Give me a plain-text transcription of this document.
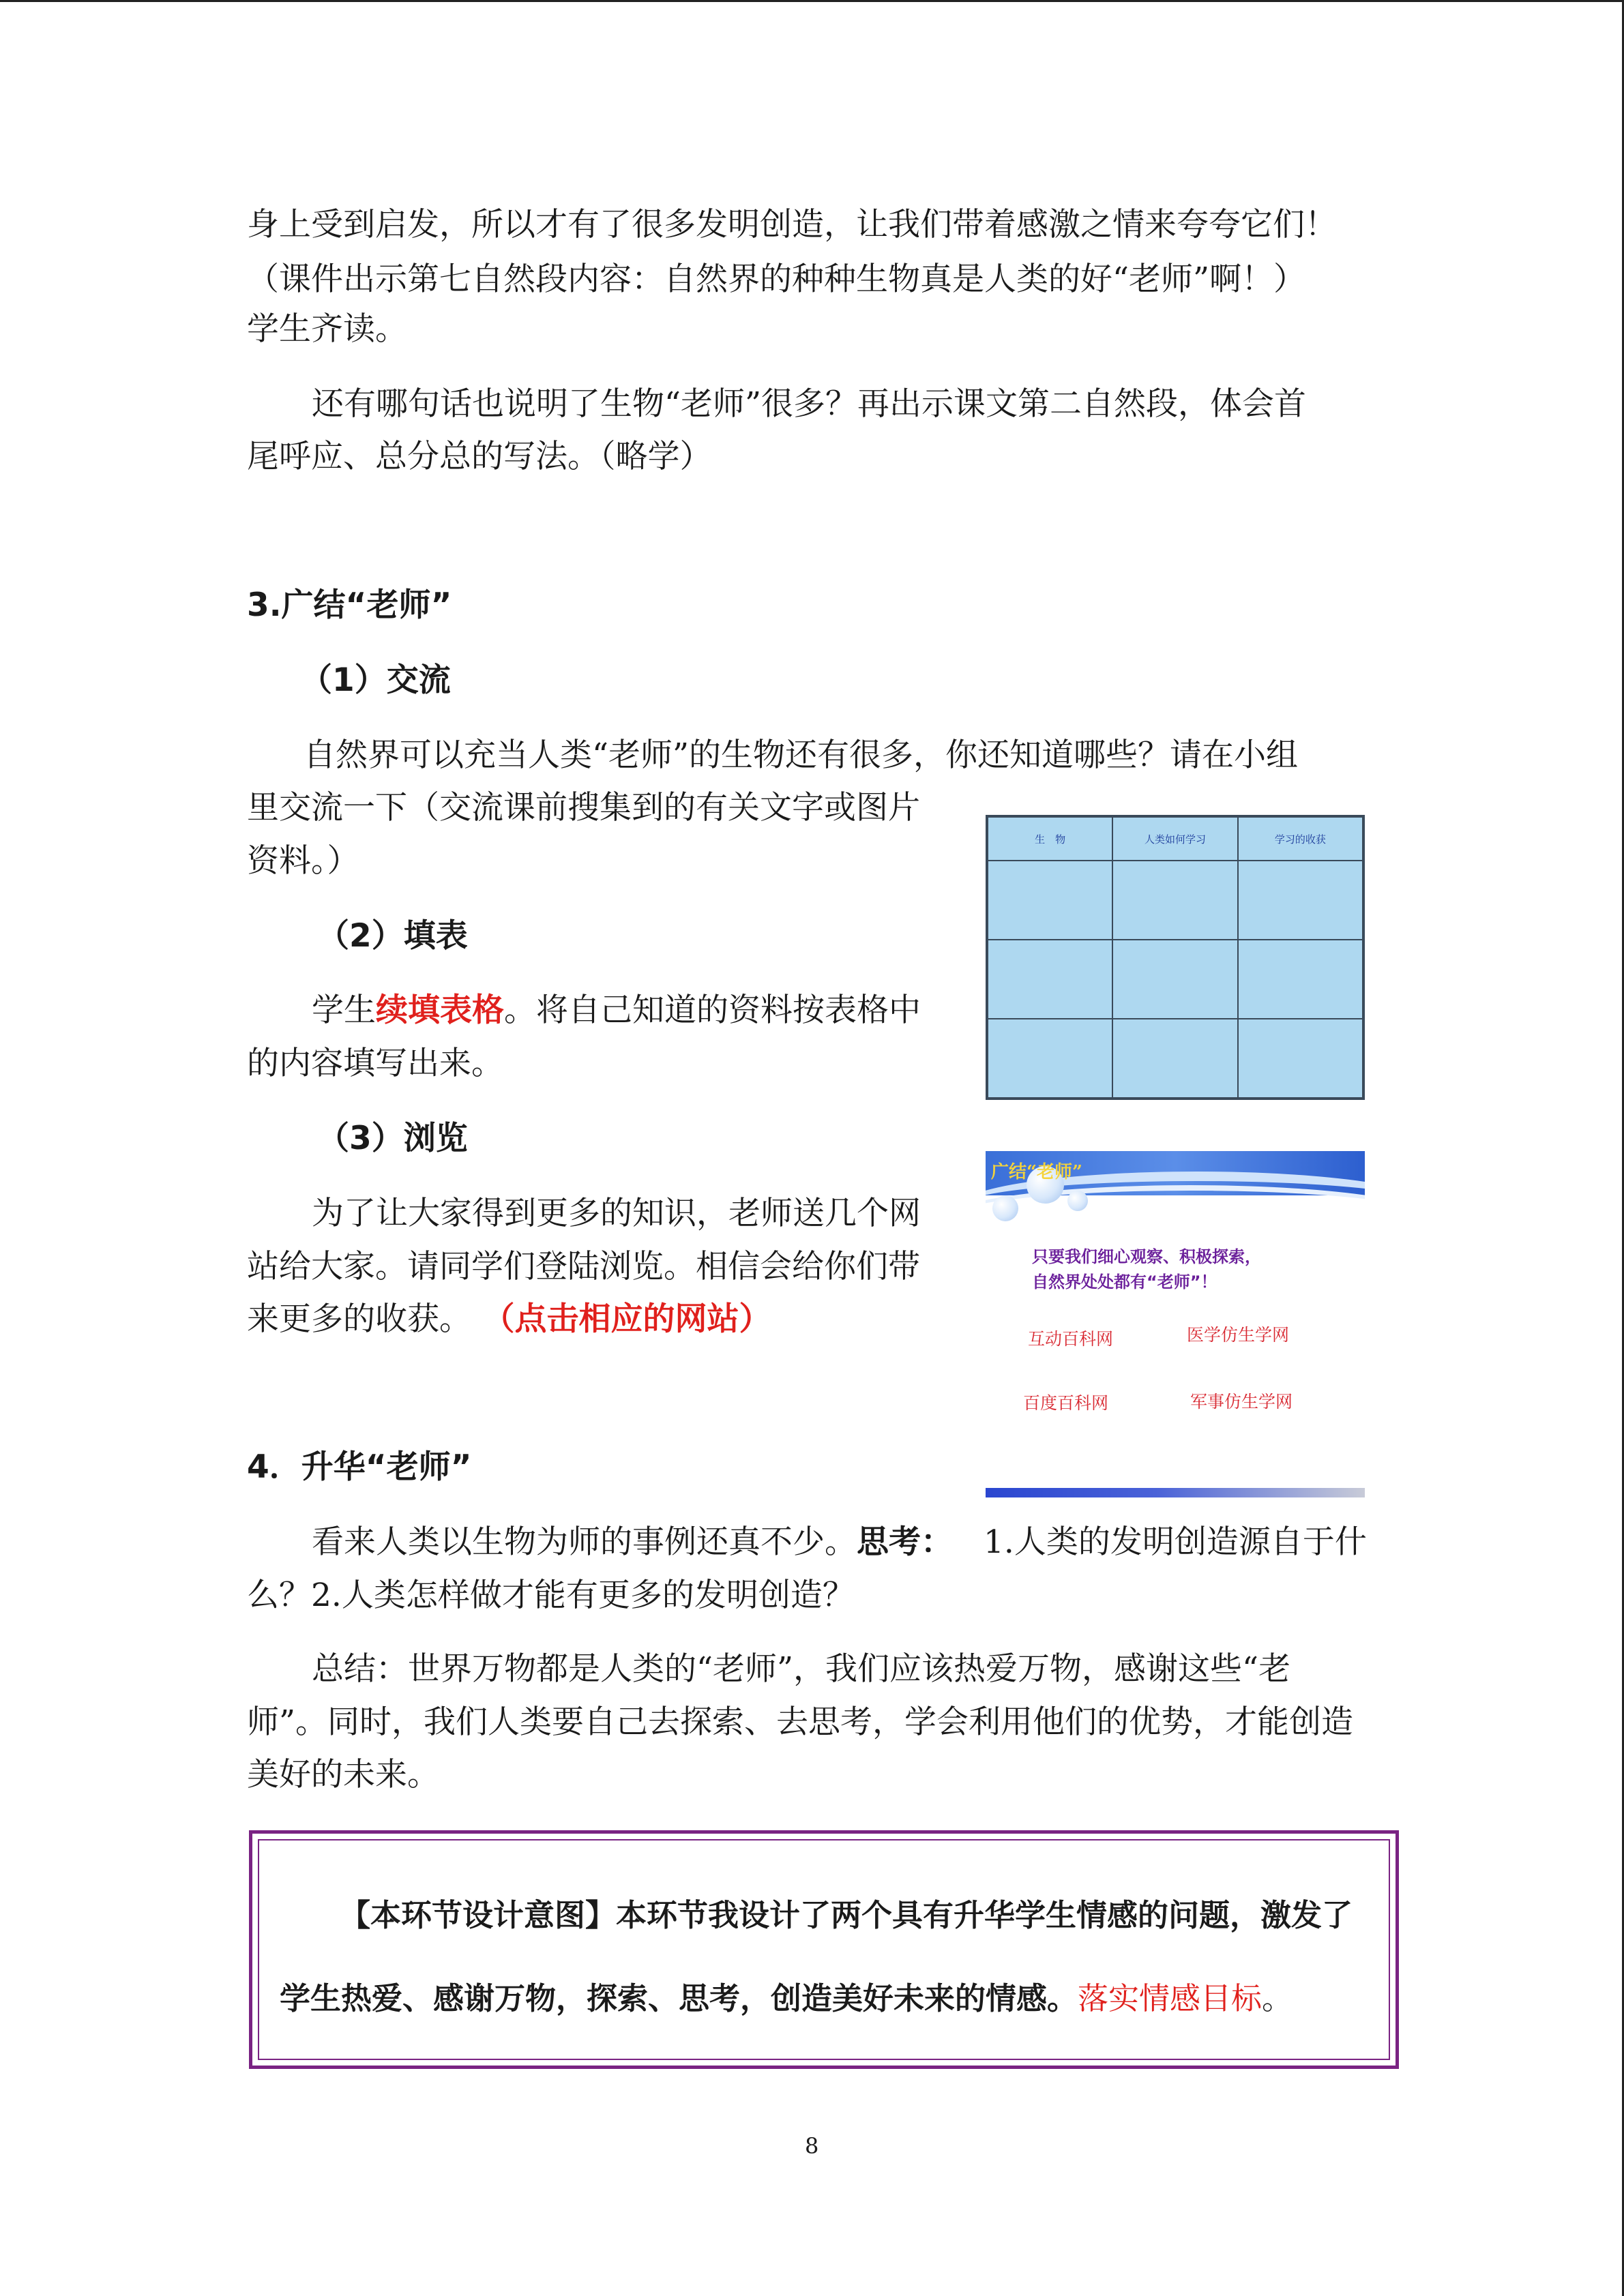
身上受到启发，所以才有了很多发明创造，让我们带着感激之情来夸夸它们！

（课件出示第七自然段内容：自然界的种种生物真是人类的好“老师”啊！）

学生齐读。

还有哪句话也说明了生物“老师”很多？再出示课文第二自然段，体会首

尾呼应、总分总的写法。（略学）

3.广结“老师”

（1）交流

自然界可以充当人类“老师”的生物还有很多，你还知道哪些？请在小组

里交流一下（交流课前搜集到的有关文字或图片

资料。）

（2）填表

学生续填表格。将自己知道的资料按表格中

的内容填写出来。

（3）浏览

为了让大家得到更多的知识，老师送几个网

站给大家。请同学们登陆浏览。相信会给你们带

来更多的收获。 （点击相应的网站）

4．升华“老师”

看来人类以生物为师的事例还真不少。思考： 1.人类的发明创造源自于什

么？2.人类怎样做才能有更多的发明创造？

总结：世界万物都是人类的“老师”，我们应该热爱万物，感谢这些“老

师”。同时，我们人类要自己去探索、去思考，学会利用他们的优势，才能创造

美好的未来。

生　物	人类如何学习	学习的收获

广结“老师”
只要我们细心观察、积极探索，
自然界处处都有“老师”！
互动百科网	医学仿生学网
百度百科网	军事仿生学网
【本环节设计意图】本环节我设计了两个具有升华学生情感的问题，激发了
学生热爱、感谢万物，探索、思考，创造美好未来的情感。落实情感目标。
8
